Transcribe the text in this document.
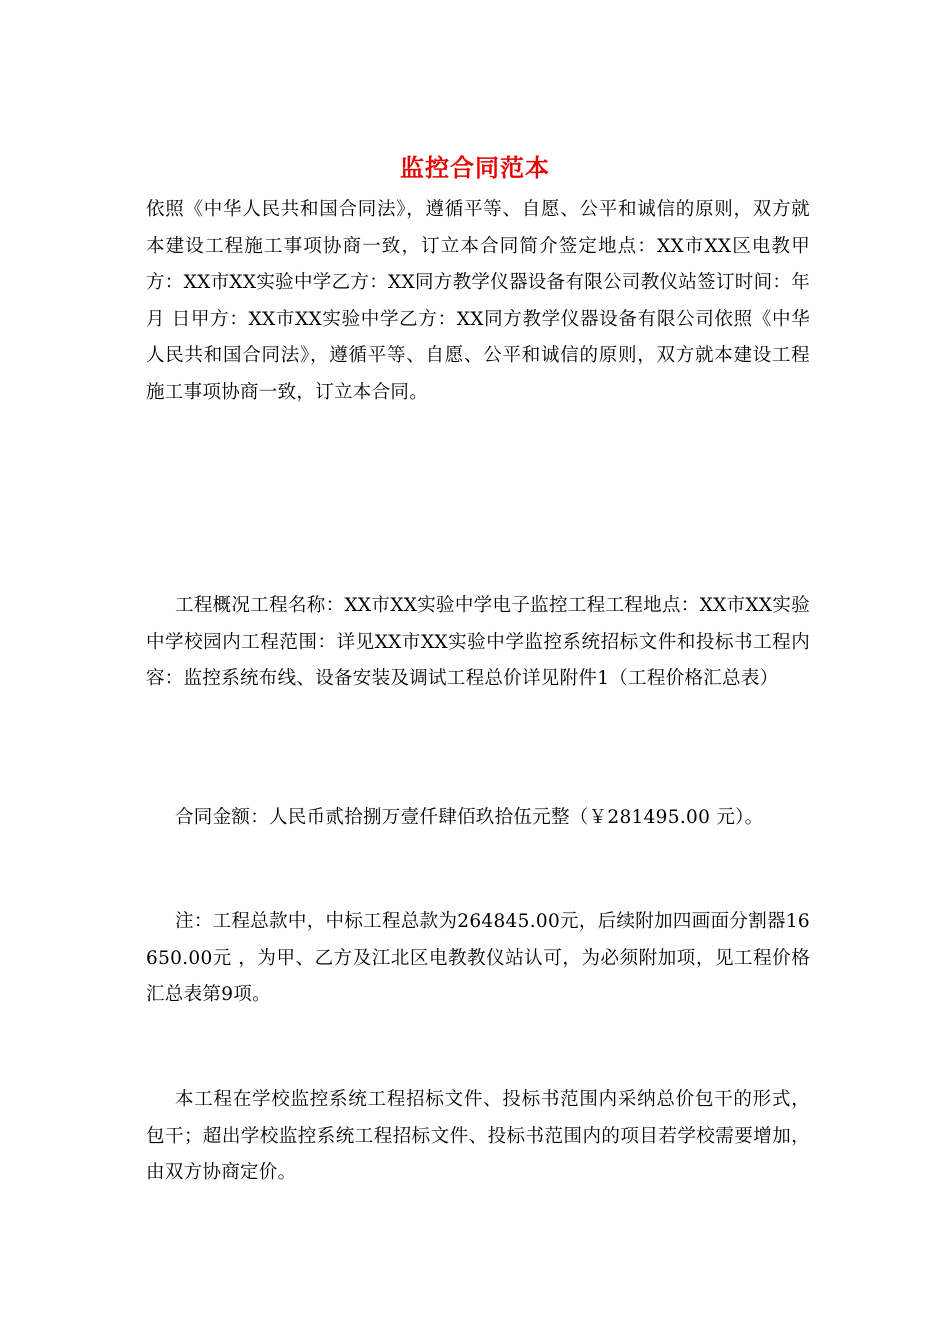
监控合同范本
依照《中华人民共和国合同法》，遵循平等、自愿、公平和诚信的原则，双方就本建设工程施工事项协商一致，订立本合同简介签定地点：XX市XX区电教甲方：XX市XX实验中学乙方：XX同方教学仪器设备有限公司教仪站签订时间：年 月 日甲方：XX市XX实验中学乙方：XX同方教学仪器设备有限公司依照《中华人民共和国合同法》，遵循平等、自愿、公平和诚信的原则，双方就本建设工程施工事项协商一致，订立本合同。
工程概况工程名称：XX市XX实验中学电子监控工程工程地点：XX市XX实验中学校园内工程范围：详见XX市XX实验中学监控系统招标文件和投标书工程内容：监控系统布线、设备安装及调试工程总价详见附件1（工程价格汇总表）
合同金额：人民币贰拾捌万壹仟肆佰玖拾伍元整（￥281495.00 元）。
注：工程总款中，中标工程总款为264845.00元，后续附加四画面分割器16650.00元 ，为甲、乙方及江北区电教教仪站认可，为必须附加项，见工程价格汇总表第9项。
本工程在学校监控系统工程招标文件、投标书范围内采纳总价包干的形式，包干；超出学校监控系统工程招标文件、投标书范围内的项目若学校需要增加，由双方协商定价。
